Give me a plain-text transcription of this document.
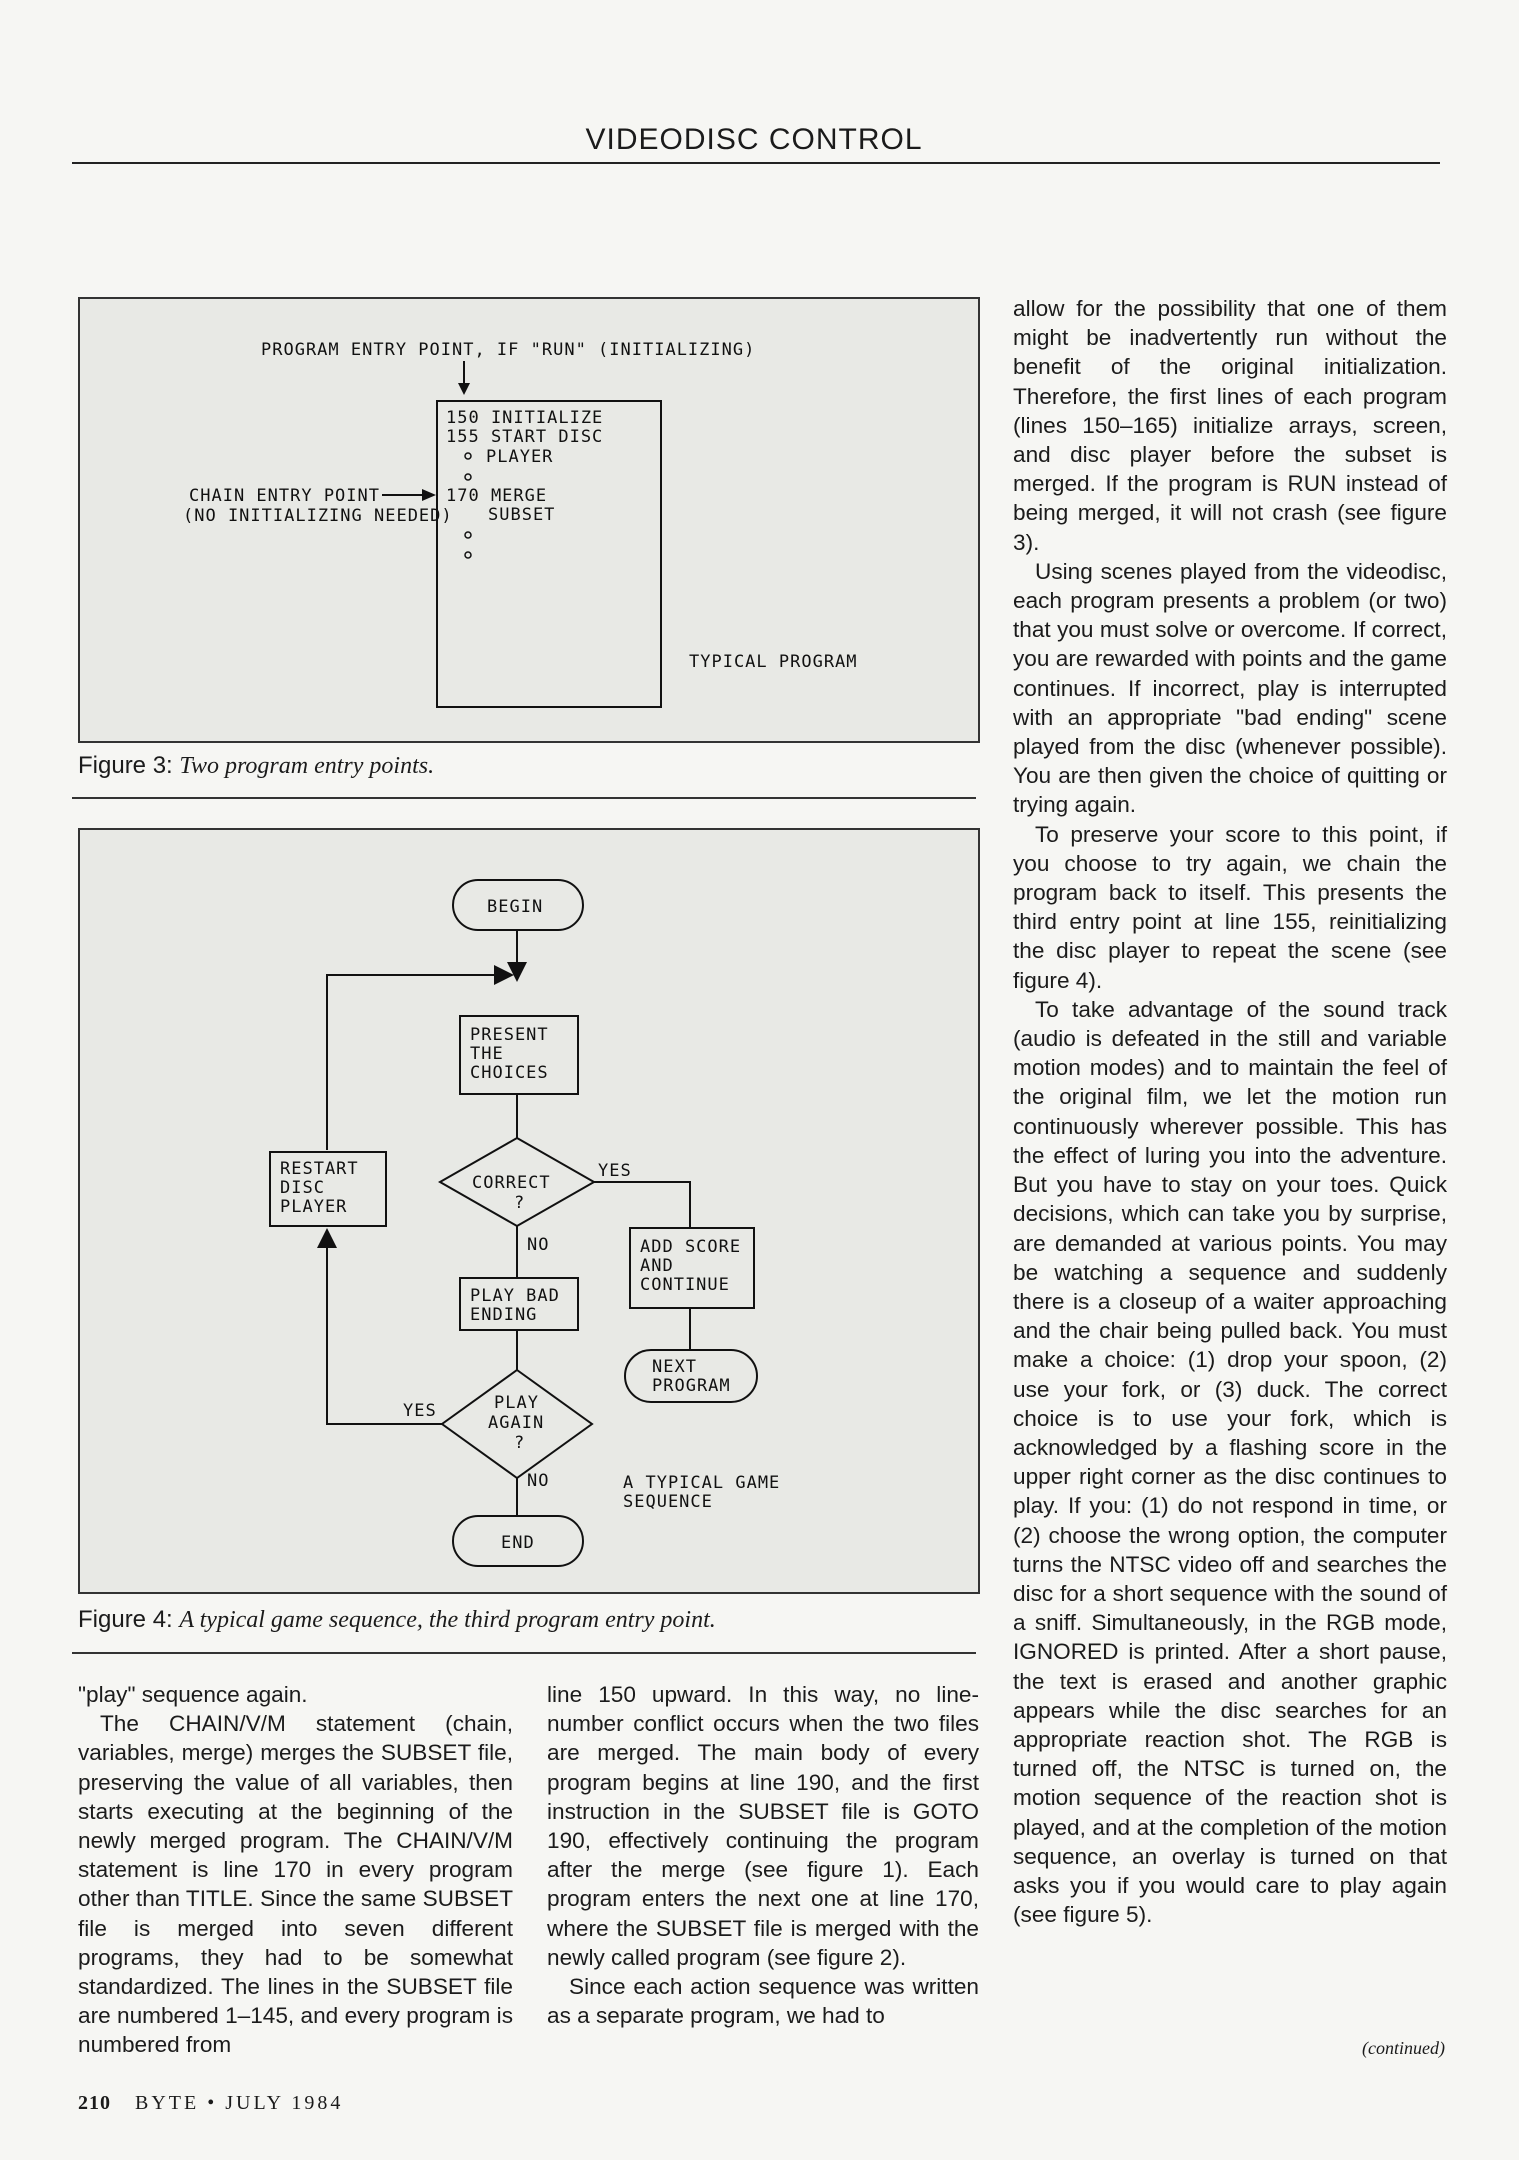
VIDEODISC CONTROL
PROGRAM ENTRY POINT, IF "RUN" (INITIALIZING)
150 INITIALIZE
155 START DISC
PLAYER
170 MERGE
SUBSET
CHAIN ENTRY POINT
(NO INITIALIZING NEEDED)
TYPICAL PROGRAM
Figure 3: Two program entry points.
BEGIN
PRESENT
THE
CHOICES
CORRECT
?
RESTART
DISC
PLAYER
YES
ADD SCORE
AND
CONTINUE
NEXT
PROGRAM
NO
PLAY BAD
ENDING
PLAY
AGAIN
?
YES
NO
END
A TYPICAL GAME
SEQUENCE
Figure 4: A typical game sequence, the third program entry point.

"play" sequence again.

The CHAIN/V/M statement (chain, variables, merge) merges the SUBSET file, preserving the value of all variables, then starts executing at the beginning of the newly merged program. The CHAIN/V/M statement is line 170 in every program other than TITLE. Since the same SUBSET file is merged into seven different programs, they had to be somewhat standardized. The lines in the SUBSET file are numbered 1–145, and every program is numbered from

line 150 upward. In this way, no line-number conflict occurs when the two files are merged. The main body of every program begins at line 190, and the first instruction in the SUBSET file is GOTO 190, effectively continuing the program after the merge (see figure 1). Each program enters the next one at line 170, where the SUBSET file is merged with the newly called program (see figure 2).

Since each action sequence was written as a separate program, we had to

allow for the possibility that one of them might be inadvertently run without the benefit of the original initialization. Therefore, the first lines of each program (lines 150–165) initialize arrays, screen, and disc player before the subset is merged. If the program is RUN instead of being merged, it will not crash (see figure 3).

Using scenes played from the videodisc, each program presents a problem (or two) that you must solve or overcome. If correct, you are rewarded with points and the game continues. If incorrect, play is interrupted with an appropriate "bad ending" scene played from the disc (whenever possible). You are then given the choice of quitting or trying again.

To preserve your score to this point, if you choose to try again, we chain the program back to itself. This presents the third entry point at line 155, reinitializing the disc player to repeat the scene (see figure 4).

To take advantage of the sound track (audio is defeated in the still and variable motion modes) and to maintain the feel of the original film, we let the motion run continuously wherever possible. This has the effect of luring you into the adventure. But you have to stay on your toes. Quick decisions, which can take you by surprise, are demanded at various points. You may be watching a sequence and suddenly there is a closeup of a waiter approaching and the chair being pulled back. You must make a choice: (1) drop your spoon, (2) use your fork, or (3) duck. The correct choice is to use your fork, which is acknowledged by a flashing score in the upper right corner as the disc continues to play. If you: (1) do not respond in time, or (2) choose the wrong option, the computer turns the NTSC video off and searches the disc for a short sequence with the sound of a sniff. Simultaneously, in the RGB mode, IGNORED is printed. After a short pause, the text is erased and another graphic appears while the disc searches for an appropriate reaction shot. The RGB is turned off, the NTSC is turned on, the motion sequence of the reaction shot is played, and at the completion of the motion sequence, an overlay is turned on that asks you if you would care to play again (see figure 5).

(continued)
210 BYTE • JULY 1984
